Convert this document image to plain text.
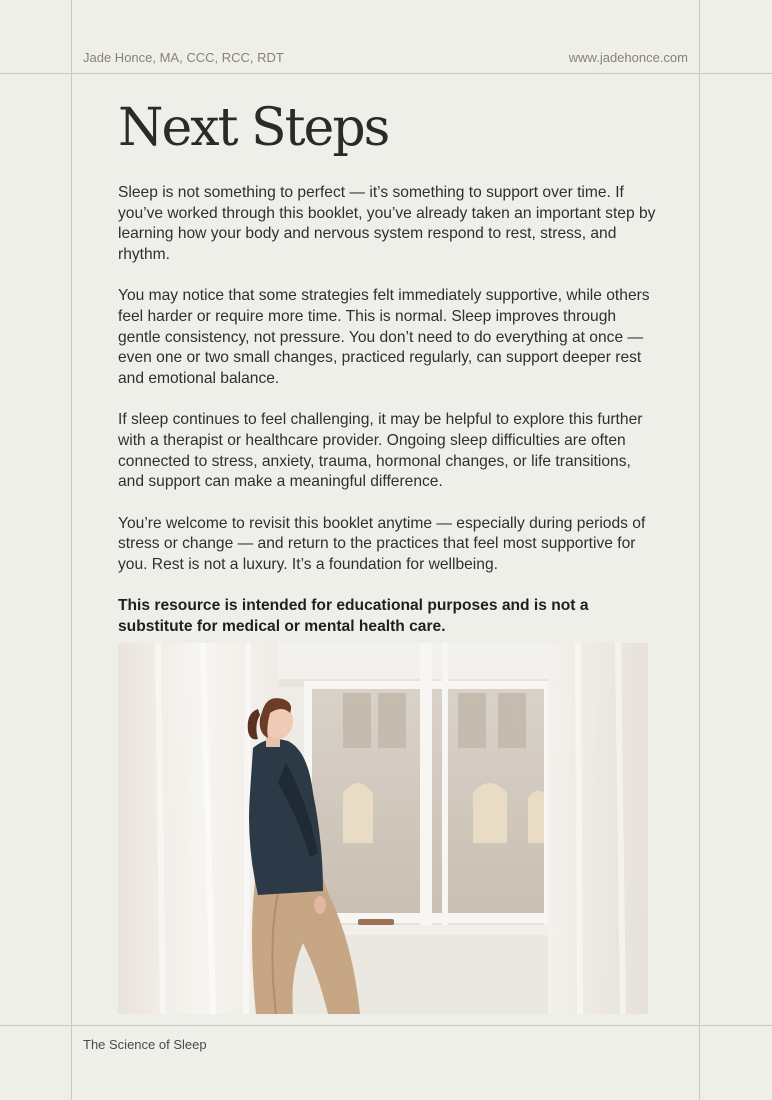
Jade Honce, MA, CCC, RCC, RDT	www.jadehonce.com
Next Steps

Sleep is not something to perfect — it’s something to support over time. If you’ve worked through this booklet, you’ve already taken an important step by learning how your body and nervous system respond to rest, stress, and rhythm.

You may notice that some strategies felt immediately supportive, while others feel harder or require more time. This is normal. Sleep improves through gentle consistency, not pressure. You don’t need to do everything at once — even one or two small changes, practiced regularly, can support deeper rest and emotional balance.

If sleep continues to feel challenging, it may be helpful to explore this further with a therapist or healthcare provider. Ongoing sleep difficulties are often connected to stress, anxiety, trauma, hormonal changes, or life transitions, and support can make a meaningful difference.

You’re welcome to revisit this booklet anytime — especially during periods of stress or change — and return to the practices that feel most supportive for you. Rest is not a luxury. It’s a foundation for wellbeing.

This resource is intended for educational purposes and is not a substitute for medical or mental health care.

The Science of Sleep
